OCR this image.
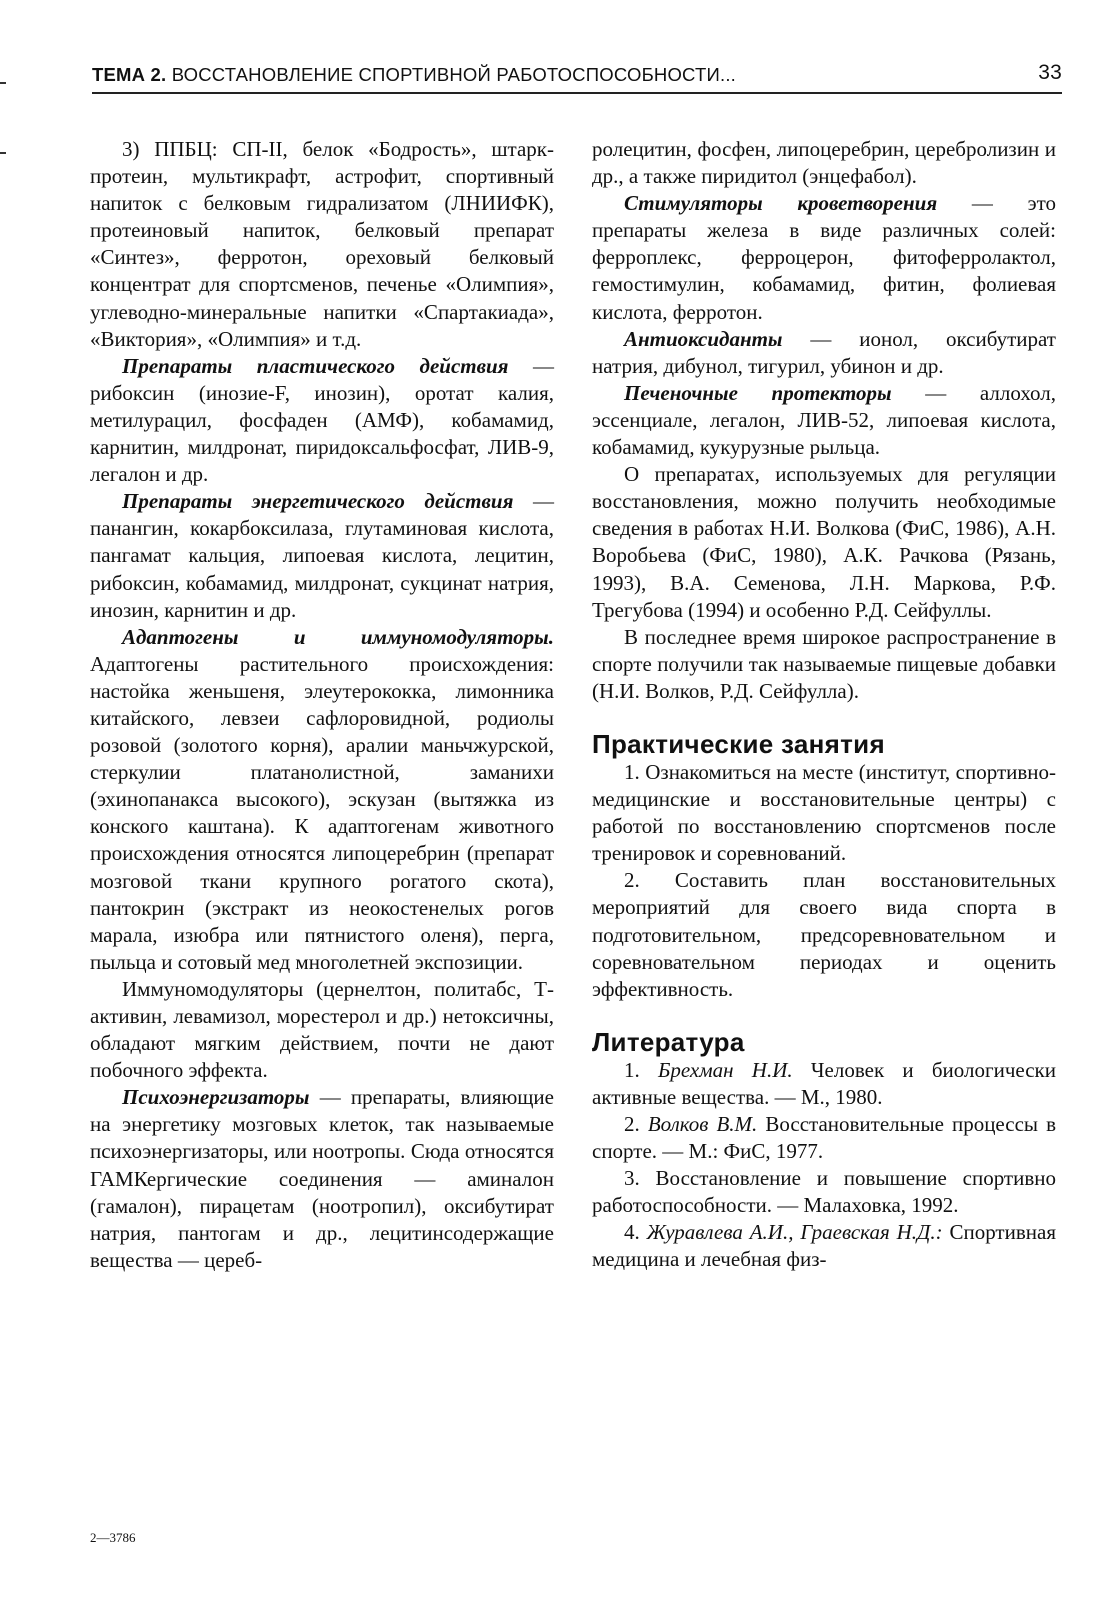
ТЕМА 2. ВОССТАНОВЛЕНИЕ СПОРТИВНОЙ РАБОТОСПОСОБНОСТИ...	33

3) ППБЦ: СП-II, белок «Бодрость», штарк-протеин, мультикрафт, астрофит, спортивный напиток с белковым гидрализатом (ЛНИИФК), протеиновый напиток, белковый препарат «Синтез», ферротон, ореховый белковый концентрат для спортсменов, печенье «Олимпия», углеводно-минеральные напитки «Спартакиада», «Виктория», «Олимпия» и т.д.

Препараты пластического действия — рибоксин (инозие-F, инозин), оротат калия, метилурацил, фосфаден (АМФ), кобамамид, карнитин, милдронат, пиридоксальфосфат, ЛИВ-9, легалон и др.

Препараты энергетического действия — панангин, кокарбоксилаза, глутаминовая кислота, пангамат кальция, липоевая кислота, лецитин, рибоксин, кобамамид, милдронат, сукцинат натрия, инозин, карнитин и др.

Адаптогены и иммуномодуляторы. Адаптогены растительного происхождения: настойка женьшеня, элеутерококка, лимонника китайского, левзеи сафлоровидной, родиолы розовой (золотого корня), аралии маньчжурской, стеркулии платанолистной, заманихи (эхинопанакса высокого), эскузан (вытяжка из конского каштана). К адаптогенам животного происхождения относятся липоцеребрин (препарат мозговой ткани крупного рогатого скота), пантокрин (экстракт из неокостенелых рогов марала, изюбра или пятнистого оленя), перга, пыльца и сотовый мед многолетней экспозиции.

Иммуномодуляторы (цернелтон, политабс, Т-активин, левамизол, морестерол и др.) нетоксичны, обладают мягким действием, почти не дают побочного эффекта.

Психоэнергизаторы — препараты, влияющие на энергетику мозговых клеток, так называемые психоэнергизаторы, или ноотропы. Сюда относятся ГАМКергические соединения — аминалон (гамалон), пирацетам (ноотропил), оксибутират натрия, пантогам и др., лецитинсодержащие вещества — цереб-

ролецитин, фосфен, липоцеребрин, церебролизин и др., а также пиридитол (энцефабол).

Стимуляторы кроветворения — это препараты железа в виде различных солей: ферроплекс, ферроцерон, фитоферролактол, гемостимулин, кобамамид, фитин, фолиевая кислота, ферротон.

Антиоксиданты — ионол, оксибутират натрия, дибунол, тигурил, убинон и др.

Печеночные протекторы — аллохол, эссенциале, легалон, ЛИВ-52, липоевая кислота, кобамамид, кукурузные рыльца.

О препаратах, используемых для регуляции восстановления, можно получить необходимые сведения в работах Н.И. Волкова (ФиС, 1986), А.Н. Воробьева (ФиС, 1980), А.К. Рачкова (Рязань, 1993), В.А. Семенова, Л.Н. Маркова, Р.Ф. Трегубова (1994) и особенно Р.Д. Сейфуллы.

В последнее время широкое распространение в спорте получили так называемые пищевые добавки (Н.И. Волков, Р.Д. Сейфулла).

Практические занятия

1. Ознакомиться на месте (институт, спортивно-медицинские и восстановительные центры) с работой по восстановлению спортсменов после тренировок и соревнований.

2. Составить план восстановительных мероприятий для своего вида спорта в подготовительном, предсоревновательном и соревновательном периодах и оценить эффективность.

Литература

1. Брехман Н.И. Человек и биологически активные вещества. — М., 1980.

2. Волков В.М. Восстановительные процессы в спорте. — М.: ФиС, 1977.

3. Восстановление и повышение спортивно работоспособности. — Малаховка, 1992.

4. Журавлева А.И., Граевская Н.Д.: Спортивная медицина и лечебная физ-

2—3786
